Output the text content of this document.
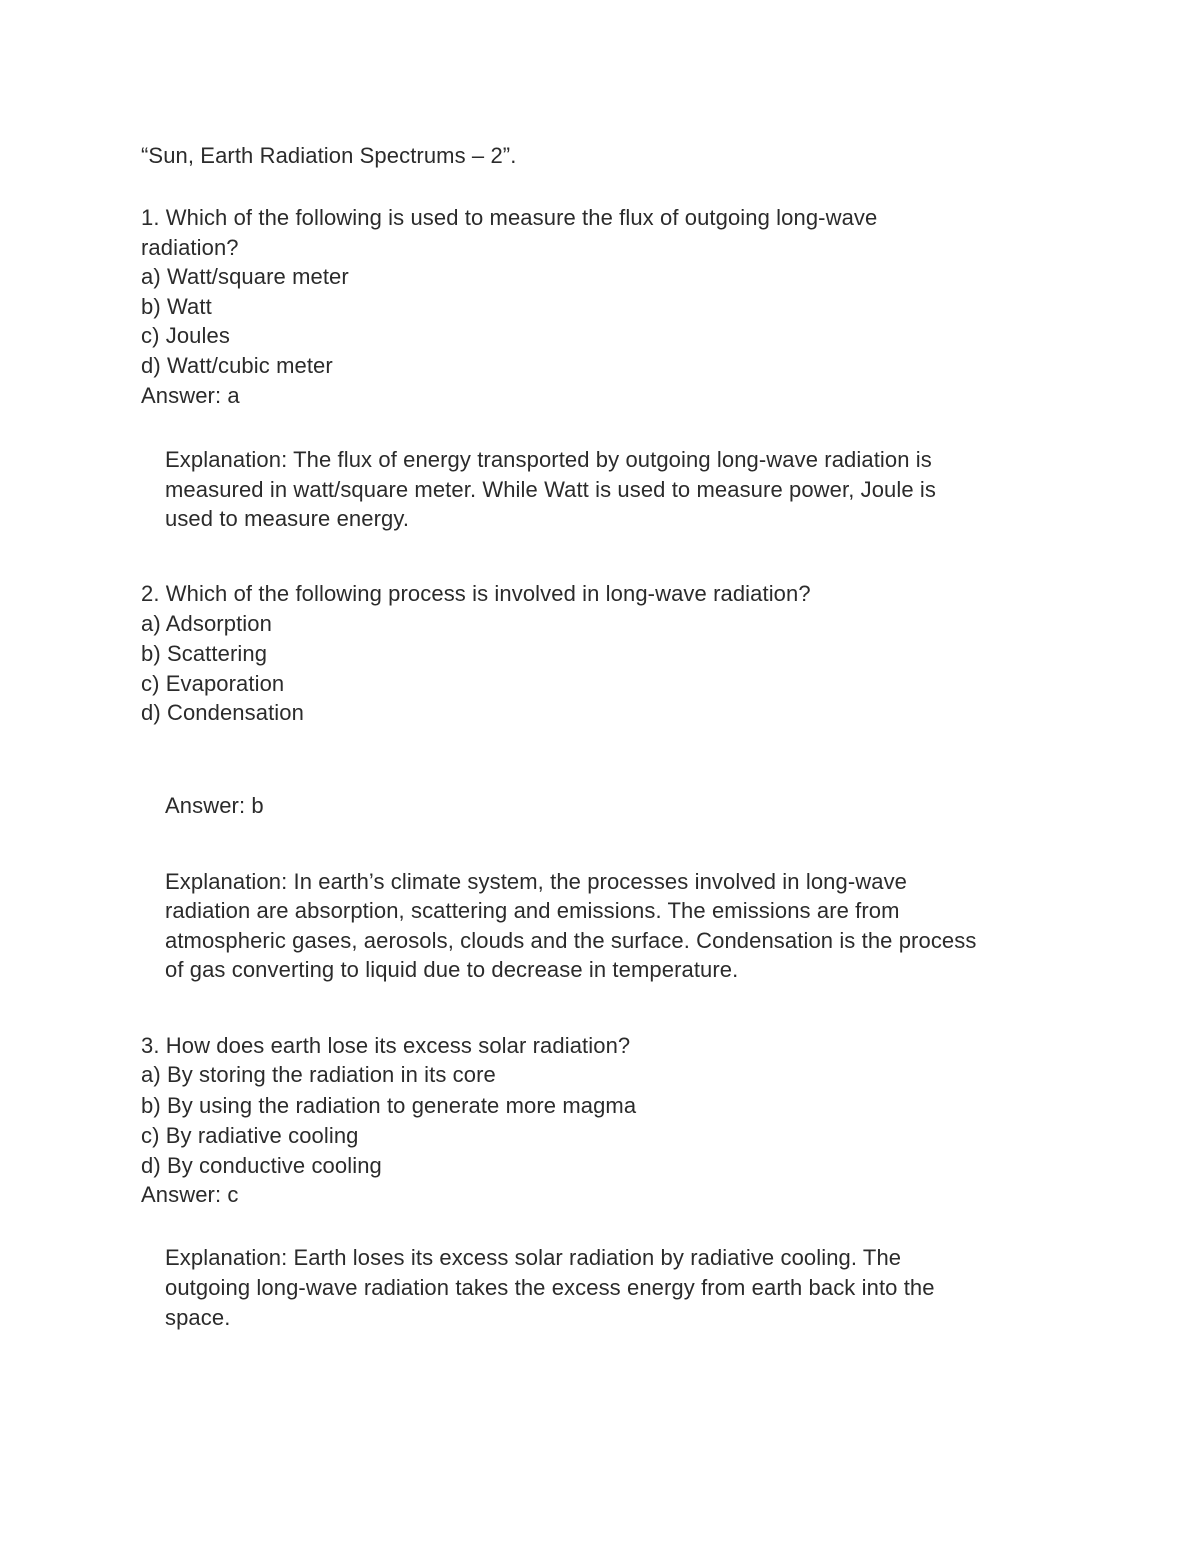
“Sun, Earth Radiation Spectrums – 2”.
1. Which of the following is used to measure the flux of outgoing long-wave
radiation?
a) Watt/square meter
b) Watt
c) Joules
d) Watt/cubic meter
Answer: a
Explanation: The flux of energy transported by outgoing long-wave radiation is
measured in watt/square meter. While Watt is used to measure power, Joule is
used to measure energy.
2. Which of the following process is involved in long-wave radiation?
a) Adsorption
b) Scattering
c) Evaporation
d) Condensation
Answer: b
Explanation: In earth’s climate system, the processes involved in long-wave
radiation are absorption, scattering and emissions. The emissions are from
atmospheric gases, aerosols, clouds and the surface. Condensation is the process
of gas converting to liquid due to decrease in temperature.
3. How does earth lose its excess solar radiation?
a) By storing the radiation in its core
b) By using the radiation to generate more magma
c) By radiative cooling
d) By conductive cooling
Answer: c
Explanation: Earth loses its excess solar radiation by radiative cooling. The
outgoing long-wave radiation takes the excess energy from earth back into the
space.
